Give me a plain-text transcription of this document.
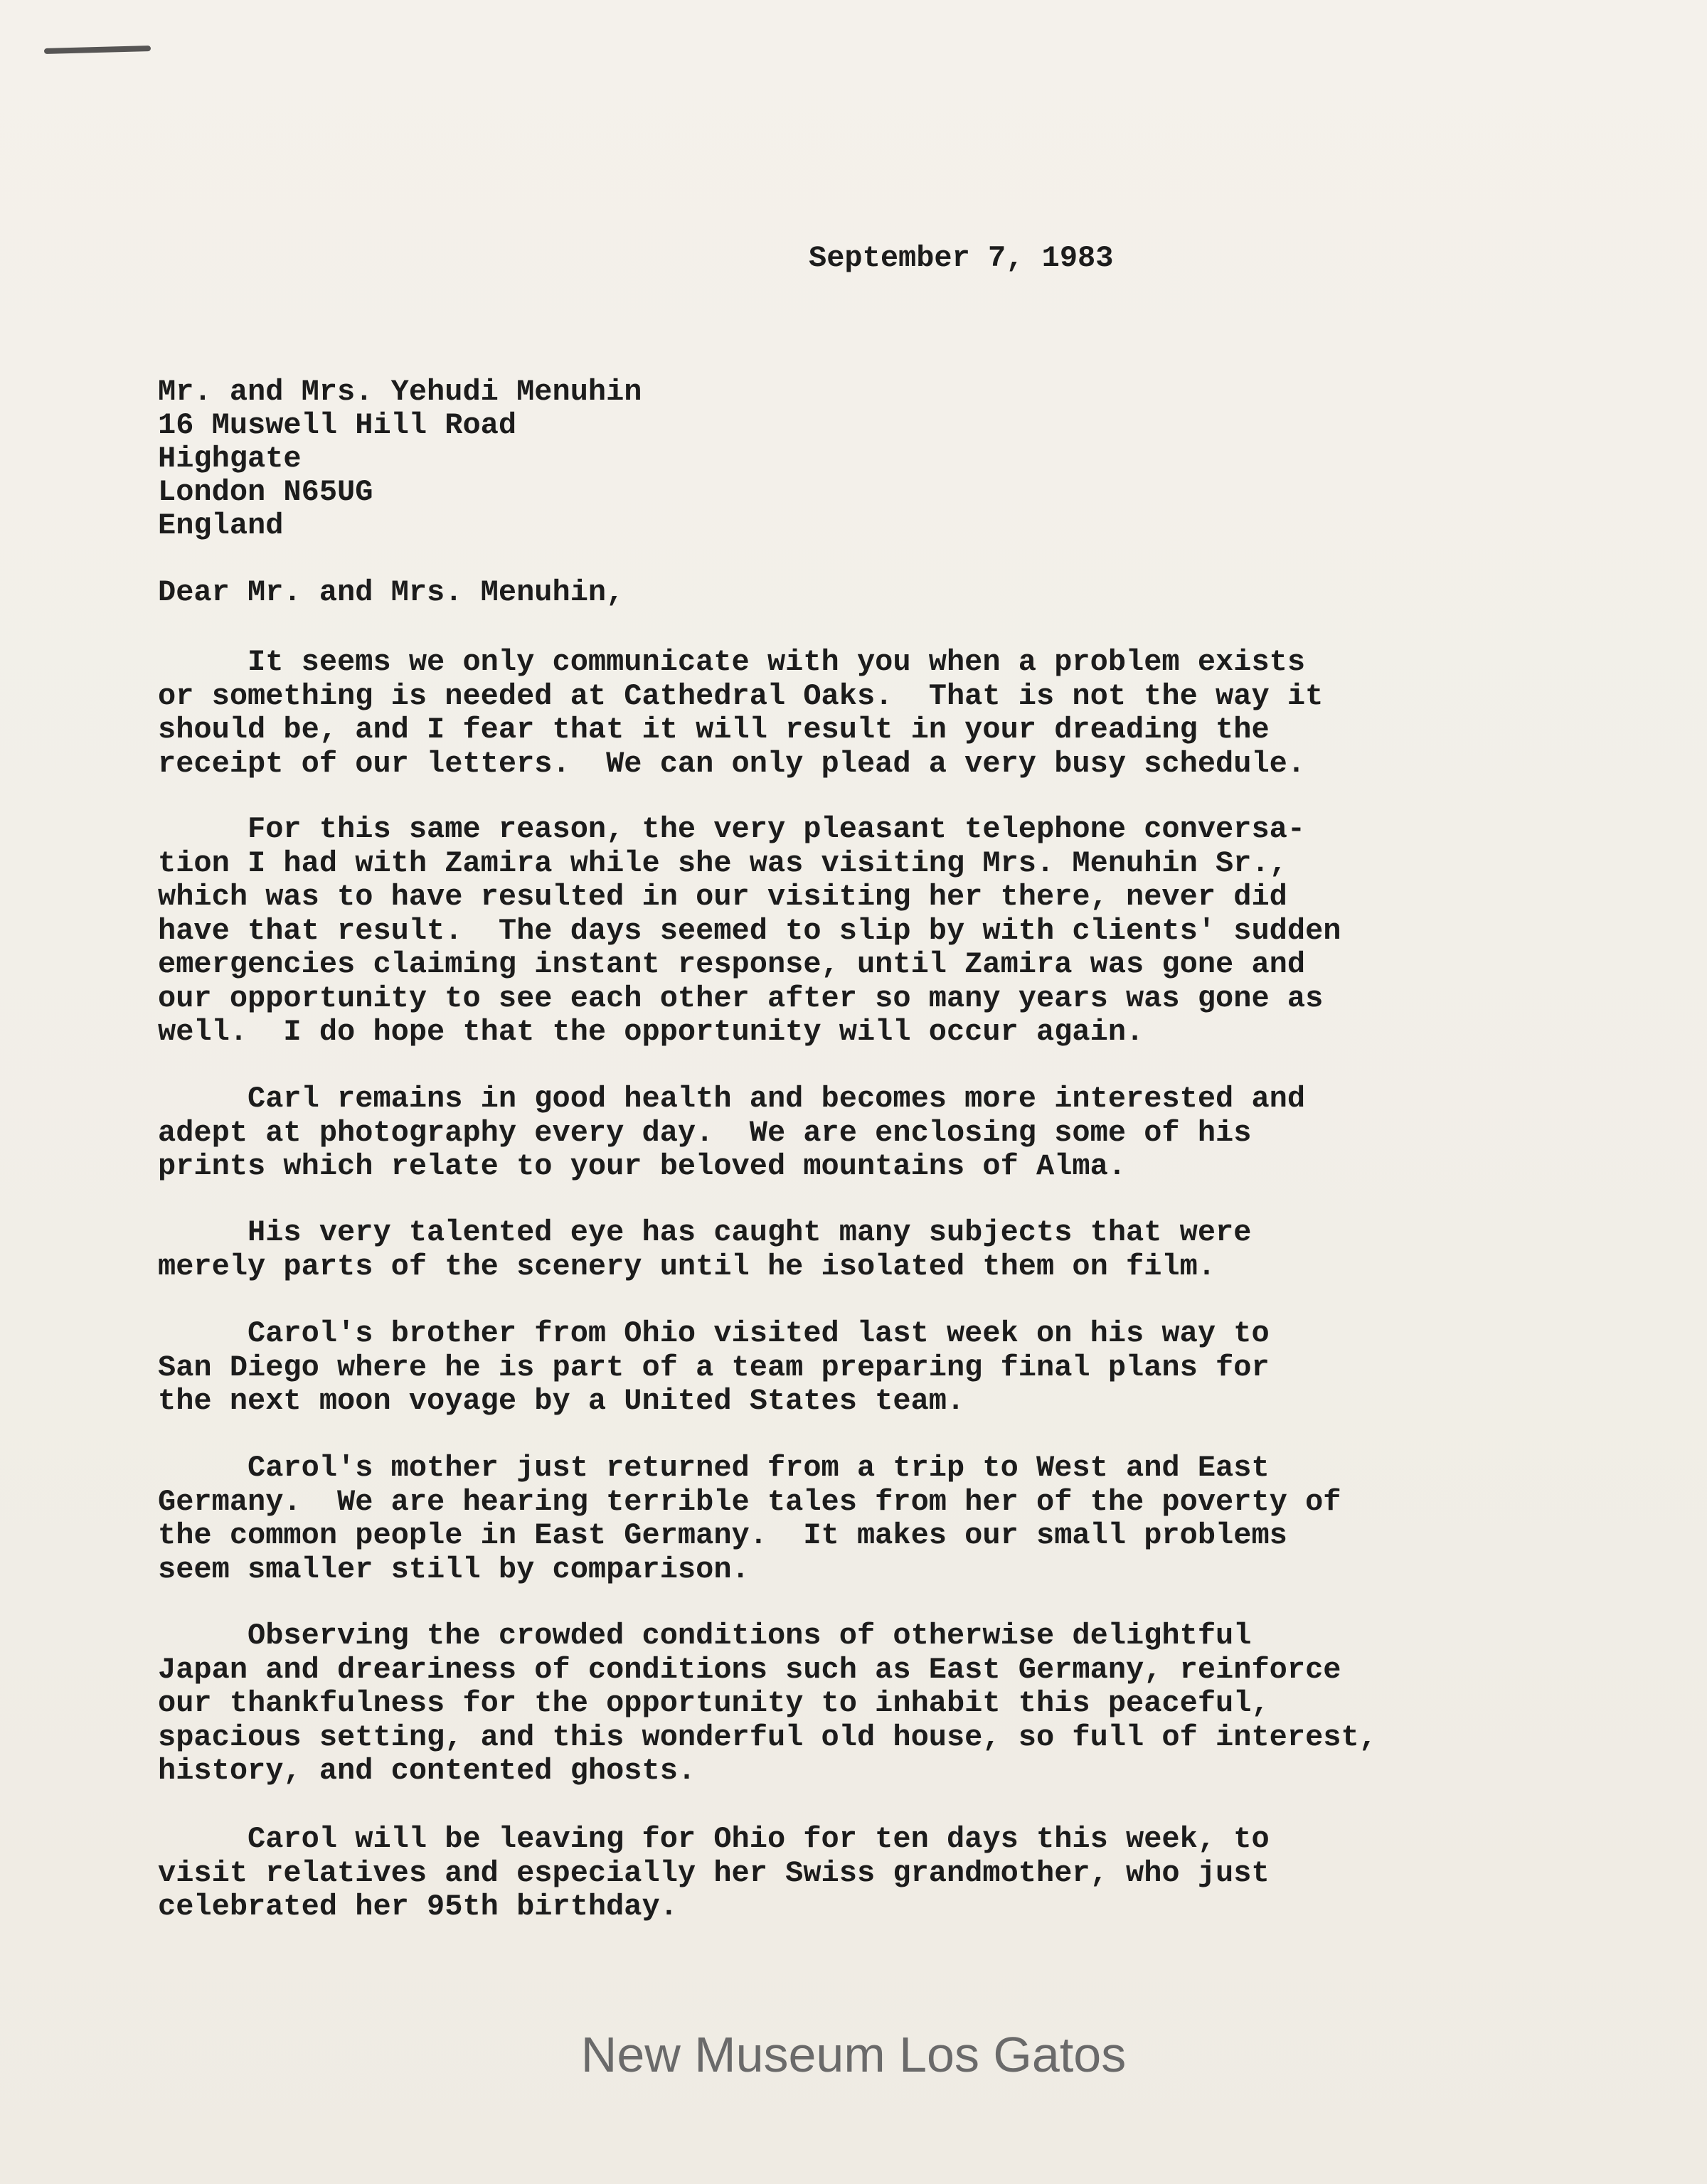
September 7, 1983
Mr. and Mrs. Yehudi Menuhin
16 Muswell Hill Road
Highgate
London N65UG
England
Dear Mr. and Mrs. Menuhin,
It seems we only communicate with you when a problem exists
or something is needed at Cathedral Oaks.  That is not the way it
should be, and I fear that it will result in your dreading the
receipt of our letters.  We can only plead a very busy schedule.
For this same reason, the very pleasant telephone conversa-
tion I had with Zamira while she was visiting Mrs. Menuhin Sr.,
which was to have resulted in our visiting her there, never did
have that result.  The days seemed to slip by with clients' sudden
emergencies claiming instant response, until Zamira was gone and
our opportunity to see each other after so many years was gone as
well.  I do hope that the opportunity will occur again.
Carl remains in good health and becomes more interested and
adept at photography every day.  We are enclosing some of his
prints which relate to your beloved mountains of Alma.
His very talented eye has caught many subjects that were
merely parts of the scenery until he isolated them on film.
Carol's brother from Ohio visited last week on his way to
San Diego where he is part of a team preparing final plans for
the next moon voyage by a United States team.
Carol's mother just returned from a trip to West and East
Germany.  We are hearing terrible tales from her of the poverty of
the common people in East Germany.  It makes our small problems
seem smaller still by comparison.
Observing the crowded conditions of otherwise delightful
Japan and dreariness of conditions such as East Germany, reinforce
our thankfulness for the opportunity to inhabit this peaceful,
spacious setting, and this wonderful old house, so full of interest,
history, and contented ghosts.
Carol will be leaving for Ohio for ten days this week, to
visit relatives and especially her Swiss grandmother, who just
celebrated her 95th birthday.
New Museum Los Gatos
